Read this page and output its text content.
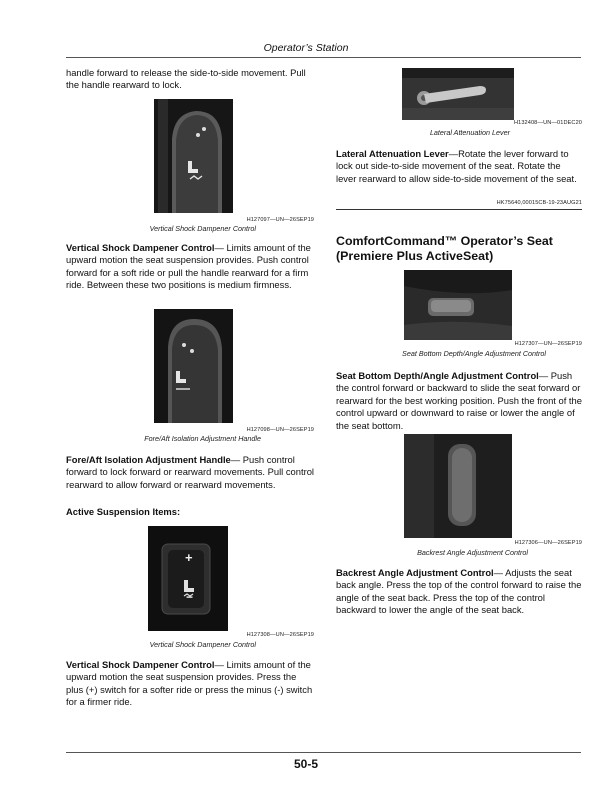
Operator’s Station

handle forward to release the side-to-side movement. Pull the handle rearward to lock.

H127097—UN—26SEP19
Vertical Shock Dampener Control

Vertical Shock Dampener Control— Limits amount of the upward motion the seat suspension provides. Push control forward for a soft ride or pull the handle rearward for a firm ride. Between these two positions is medium firmness.

H127098—UN—26SEP19
Fore/Aft Isolation Adjustment Handle

Fore/Aft Isolation Adjustment Handle— Push control forward to lock forward or rearward movements. Pull control rearward to allow forward or rearward movements.

Active Suspension Items:
+
−
H127308—UN—26SEP19
Vertical Shock Dampener Control

Vertical Shock Dampener Control— Limits amount of the upward motion the seat suspension provides. Press the plus (+) switch for a softer ride or press the minus (-) switch for a firmer ride.

H132408—UN—01DEC20
Lateral Attenuation Lever

Lateral Attenuation Lever—Rotate the lever forward to lock out side-to-side movement of the seat. Rotate the lever rearward to allow side-to-side movement of the seat.

HK75640,00015CB-19-23AUG21
ComfortCommand™ Operator’s Seat (Premiere Plus ActiveSeat)
H127307—UN—26SEP19
Seat Bottom Depth/Angle Adjustment Control

Seat Bottom Depth/Angle Adjustment Control— Push the control forward or backward to slide the seat forward or rearward for the best working position. Push the front of the control upward or downward to raise or lower the angle of the seat bottom.

H127306—UN—26SEP19
Backrest Angle Adjustment Control

Backrest Angle Adjustment Control— Adjusts the seat back angle. Press the top of the control forward to raise the angle of the seat back. Press the top of the control backward to lower the angle of the seat back.

50-5
